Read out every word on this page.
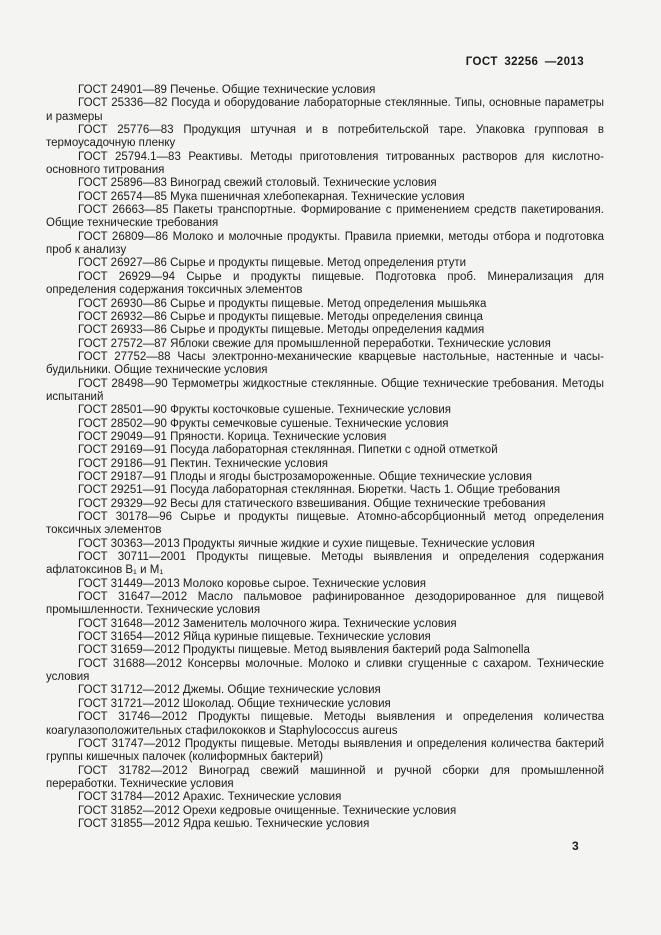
ГОСТ 32256 —2013

ГОСТ 24901—89 Печенье. Общие технические условия

ГОСТ 25336—82 Посуда и оборудование лабораторные стеклянные. Типы, основные параметры и размеры

ГОСТ 25776—83 Продукция штучная и в потребительской таре. Упаковка групповая в термоусадочную пленку

ГОСТ 25794.1—83 Реактивы. Методы приготовления титрованных растворов для кислотно-основного титрования

ГОСТ 25896—83 Виноград свежий столовый. Технические условия

ГОСТ 26574—85 Мука пшеничная хлебопекарная. Технические условия

ГОСТ 26663—85 Пакеты транспортные. Формирование с применением средств пакетирования. Общие технические требования

ГОСТ 26809—86 Молоко и молочные продукты. Правила приемки, методы отбора и подготовка проб к анализу

ГОСТ 26927—86 Сырье и продукты пищевые. Метод определения ртути

ГОСТ 26929—94 Сырье и продукты пищевые. Подготовка проб. Минерализация для определения содержания токсичных элементов

ГОСТ 26930—86 Сырье и продукты пищевые. Метод определения мышьяка

ГОСТ 26932—86 Сырье и продукты пищевые. Методы определения свинца

ГОСТ 26933—86 Сырье и продукты пищевые. Методы определения кадмия

ГОСТ 27572—87 Яблоки свежие для промышленной переработки. Технические условия

ГОСТ 27752—88 Часы электронно-механические кварцевые настольные, настенные и часы-будильники. Общие технические условия

ГОСТ 28498—90 Термометры жидкостные стеклянные. Общие технические требования. Методы испытаний

ГОСТ 28501—90 Фрукты косточковые сушеные. Технические условия

ГОСТ 28502—90 Фрукты семечковые сушеные. Технические условия

ГОСТ 29049—91 Пряности. Корица. Технические условия

ГОСТ 29169—91 Посуда лабораторная стеклянная. Пипетки с одной отметкой

ГОСТ 29186—91 Пектин. Технические условия

ГОСТ 29187—91 Плоды и ягоды быстрозамороженные. Общие технические условия

ГОСТ 29251—91 Посуда лабораторная стеклянная. Бюретки. Часть 1. Общие требования

ГОСТ 29329—92 Весы для статического взвешивания. Общие технические требования

ГОСТ 30178—96 Сырье и продукты пищевые. Атомно-абсорбционный метод определения токсичных элементов

ГОСТ 30363—2013 Продукты яичные жидкие и сухие пищевые. Технические условия

ГОСТ 30711—2001 Продукты пищевые. Методы выявления и определения содержания афлатоксинов В₁ и М₁

ГОСТ 31449—2013 Молоко коровье сырое. Технические условия

ГОСТ 31647—2012 Масло пальмовое рафинированное дезодорированное для пищевой промышленности. Технические условия

ГОСТ 31648—2012 Заменитель молочного жира. Технические условия

ГОСТ 31654—2012 Яйца куриные пищевые. Технические условия

ГОСТ 31659—2012 Продукты пищевые. Метод выявления бактерий рода Salmonella

ГОСТ 31688—2012 Консервы молочные. Молоко и сливки сгущенные с сахаром. Технические условия

ГОСТ 31712—2012 Джемы. Общие технические условия

ГОСТ 31721—2012 Шоколад. Общие технические условия

ГОСТ 31746—2012 Продукты пищевые. Методы выявления и определения количества коагулазоположительных стафилококков и Staphylococcus aureus

ГОСТ 31747—2012 Продукты пищевые. Методы выявления и определения количества бактерий группы кишечных палочек (колиформных бактерий)

ГОСТ 31782—2012 Виноград свежий машинной и ручной сборки для промышленной переработки. Технические условия

ГОСТ 31784—2012 Арахис. Технические условия

ГОСТ 31852—2012 Орехи кедровые очищенные. Технические условия

ГОСТ 31855—2012 Ядра кешью. Технические условия

3
